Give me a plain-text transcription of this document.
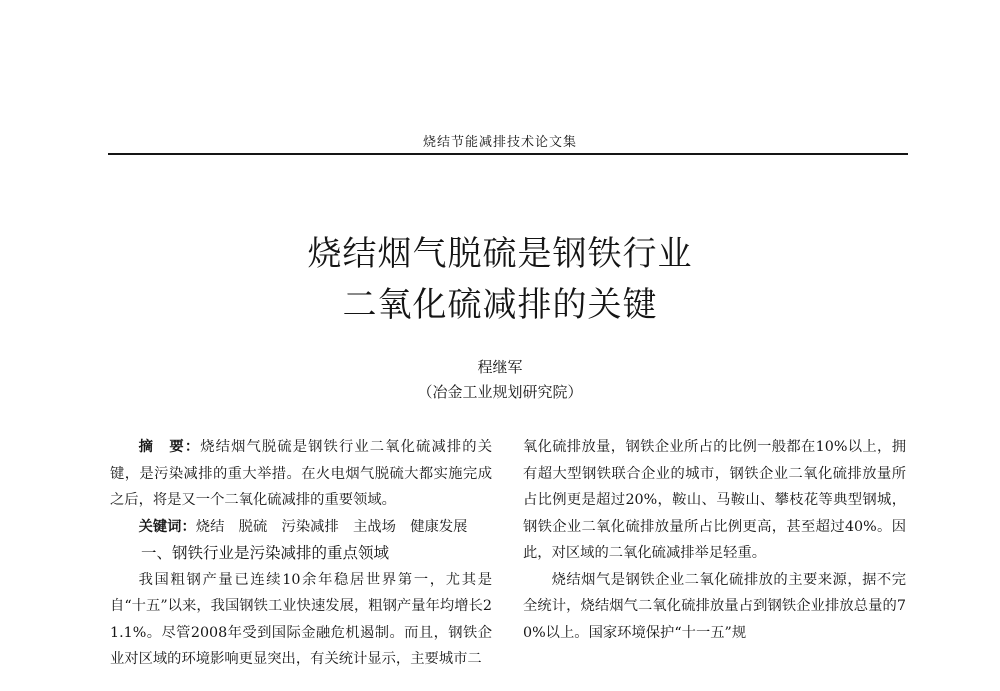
烧结节能减排技术论文集
烧结烟气脱硫是钢铁行业
二氧化硫减排的关键
程继军
（冶金工业规划研究院）

摘　要：烧结烟气脱硫是钢铁行业二氧化硫减排的关键，是污染减排的重大举措。在火电烟气脱硫大都实施完成之后，将是又一个二氧化硫减排的重要领域。

关键词：烧结　脱硫　污染减排　主战场　健康发展

一、钢铁行业是污染减排的重点领域

我国粗钢产量已连续10余年稳居世界第一，尤其是自“十五”以来，我国钢铁工业快速发展，粗钢产量年均增长21.1%。尽管2008年受到国际金融危机遏制。而且，钢铁企业对区域的环境影响更显突出，有关统计显示，主要城市二

氧化硫排放量，钢铁企业所占的比例一般都在10%以上，拥有超大型钢铁联合企业的城市，钢铁企业二氧化硫排放量所占比例更是超过20%，鞍山、马鞍山、攀枝花等典型钢城，钢铁企业二氧化硫排放量所占比例更高，甚至超过40%。因此，对区域的二氧化硫减排举足轻重。

烧结烟气是钢铁企业二氧化硫排放的主要来源，据不完全统计，烧结烟气二氧化硫排放量占到钢铁企业排放总量的70%以上。国家环境保护“十一五”规
